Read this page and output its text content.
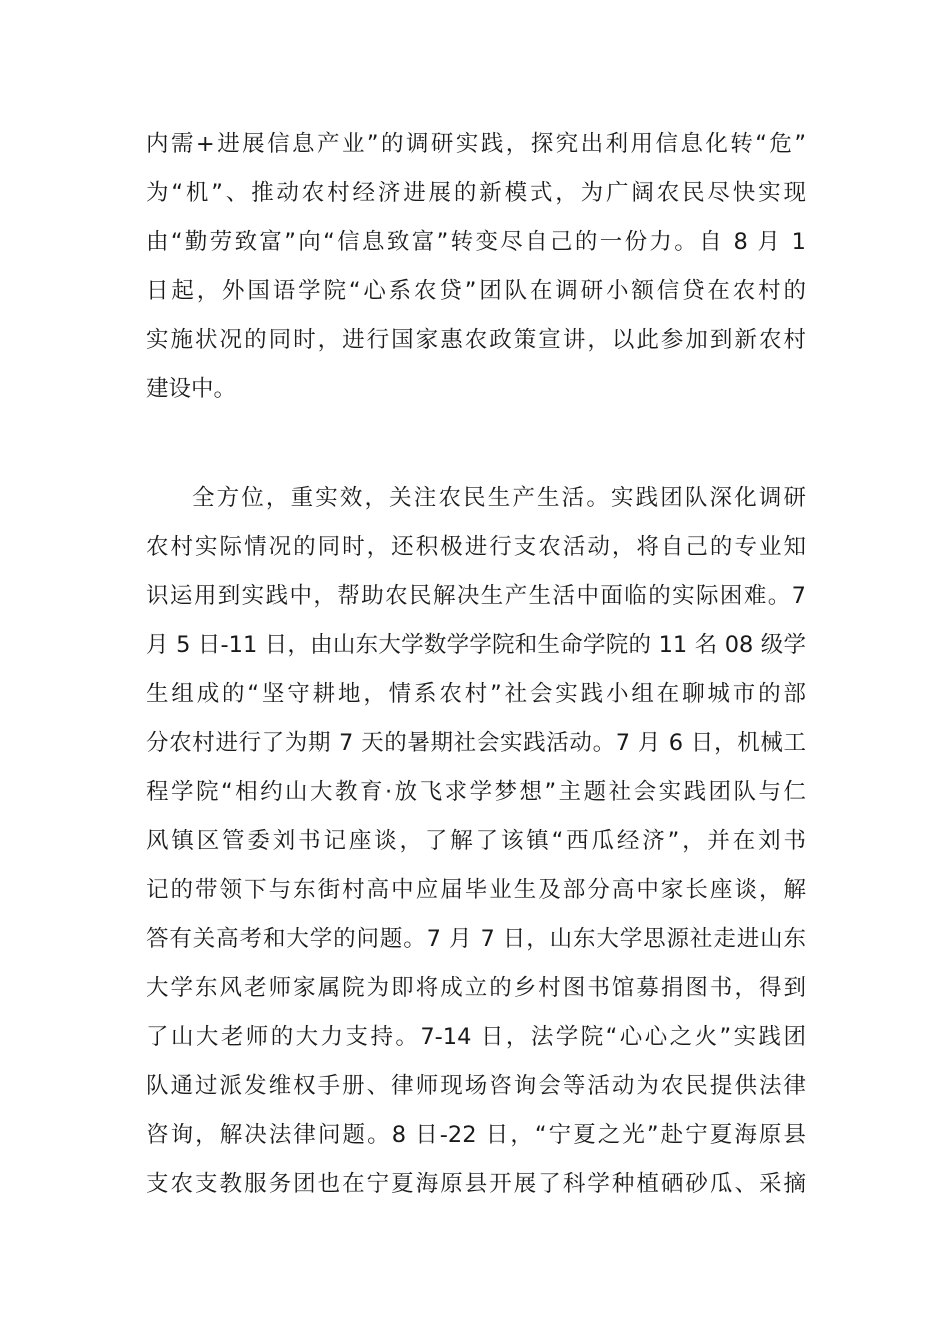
内需+进展信息产业”的调研实践，探究出利用信息化转“危”
为“机”、推动农村经济进展的新模式，为广阔农民尽快实现
由“勤劳致富”向“信息致富”转变尽自己的一份力。自 8 月 1
日起，外国语学院“心系农贷”团队在调研小额信贷在农村的
实施状况的同时，进行国家惠农政策宣讲，以此参加到新农村
建设中。
全方位，重实效，关注农民生产生活。实践团队深化调研
农村实际情况的同时，还积极进行支农活动，将自己的专业知
识运用到实践中，帮助农民解决生产生活中面临的实际困难。7
月 5 日-11 日，由山东大学数学学院和生命学院的 11 名 08 级学
生组成的“坚守耕地，情系农村”社会实践小组在聊城市的部
分农村进行了为期 7 天的暑期社会实践活动。7 月 6 日，机械工
程学院“相约山大教育·放飞求学梦想”主题社会实践团队与仁
风镇区管委刘书记座谈，了解了该镇“西瓜经济”，并在刘书
记的带领下与东街村高中应届毕业生及部分高中家长座谈，解
答有关高考和大学的问题。7 月 7 日，山东大学思源社走进山东
大学东风老师家属院为即将成立的乡村图书馆募捐图书，得到
了山大老师的大力支持。7-14 日，法学院“心心之火”实践团
队通过派发维权手册、律师现场咨询会等活动为农民提供法律
咨询，解决法律问题。8 日-22 日，“宁夏之光”赴宁夏海原县
支农支教服务团也在宁夏海原县开展了科学种植硒砂瓜、采摘
